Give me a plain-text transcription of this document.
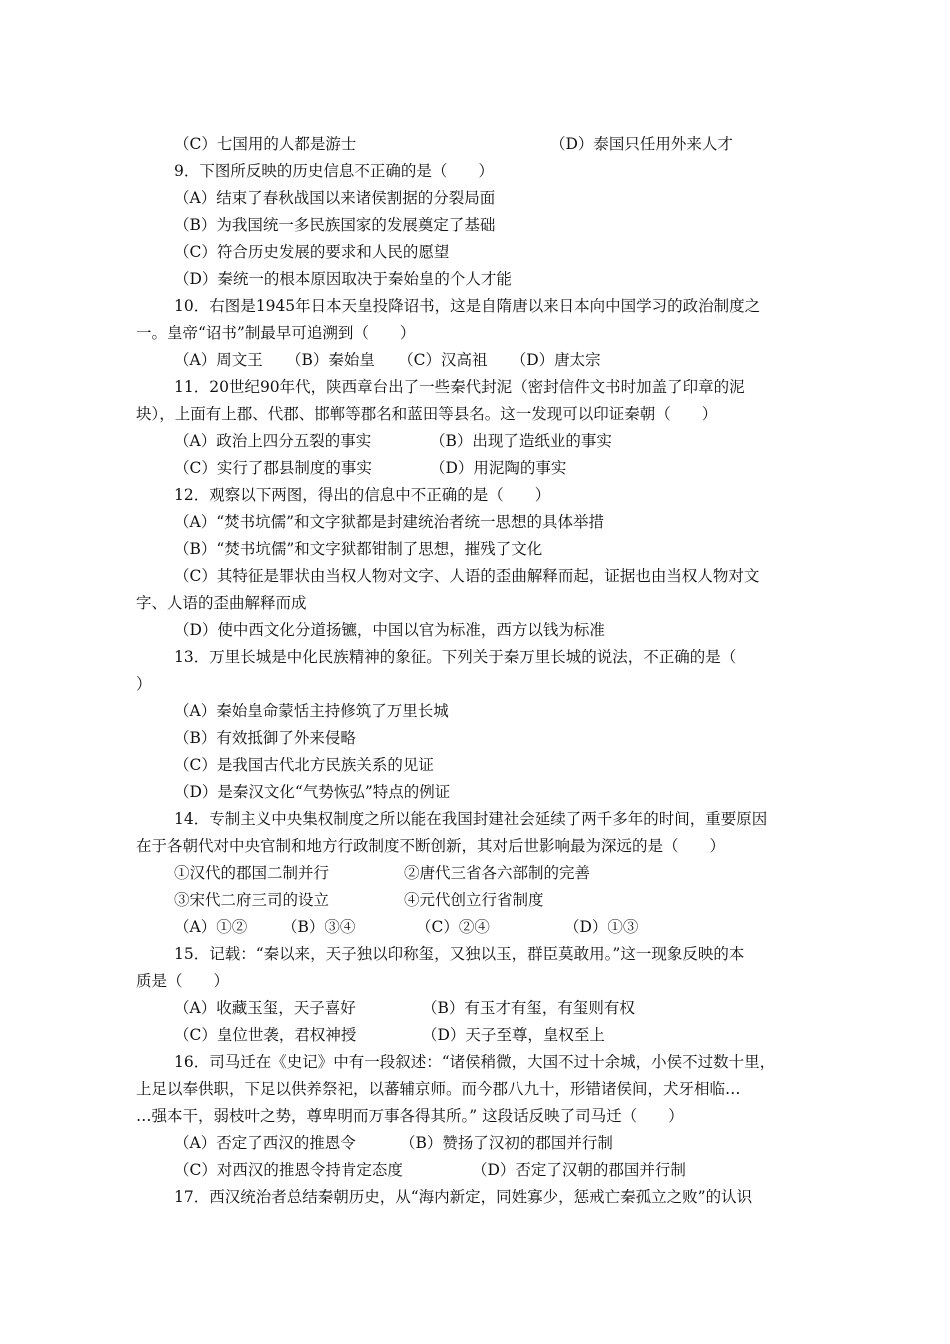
（C）七国用的人都是游士	（D）泰国只任用外来人才
9．下图所反映的历史信息不正确的是（　　）
（A）结束了春秋战国以来诸侯割据的分裂局面
（B）为我国统一多民族国家的发展奠定了基础
（C）符合历史发展的要求和人民的愿望
（D）秦统一的根本原因取决于秦始皇的个人才能
10．右图是1945年日本天皇投降诏书，这是自隋唐以来日本向中国学习的政治制度之
一。皇帝“诏书”制最早可追溯到（　　）
（A）周文王　　（B）秦始皇　　（C）汉高祖　　（D）唐太宗
11．20世纪90年代，陕西章台出了一些秦代封泥（密封信件文书时加盖了印章的泥
块），上面有上郡、代郡、邯郸等郡名和蓝田等县名。这一发现可以印证秦朝（　　）
（A）政治上四分五裂的事实	（B）出现了造纸业的事实
（C）实行了郡县制度的事实	（D）用泥陶的事实
12．观察以下两图，得出的信息中不正确的是（　　）
（A）“焚书坑儒”和文字狱都是封建统治者统一思想的具体举措
（B）“焚书坑儒”和文字狱都钳制了思想，摧残了文化
（C）其特征是罪状由当权人物对文字、人语的歪曲解释而起，证据也由当权人物对文
字、人语的歪曲解释而成
（D）使中西文化分道扬镳，中国以官为标准，西方以钱为标准
13．万里长城是中化民族精神的象征。下列关于秦万里长城的说法，不正确的是（
）
（A）秦始皇命蒙恬主持修筑了万里长城
（B）有效抵御了外来侵略
（C）是我国古代北方民族关系的见证
（D）是秦汉文化“气势恢弘”特点的例证
14．专制主义中央集权制度之所以能在我国封建社会延续了两千多年的时间，重要原因
在于各朝代对中央官制和地方行政制度不断创新，其对后世影响最为深远的是（　　）
①汉代的郡国二制并行	②唐代三省各六部制的完善
③宋代二府三司的设立	④元代创立行省制度
（A）①② （B）③④	（C）②④	（D）①③
15．记载：“秦以来，天子独以印称玺，又独以玉，群臣莫敢用。”这一现象反映的本
质是（　　）
（A）收藏玉玺，天子喜好	（B）有玉才有玺，有玺则有权
（C）皇位世袭，君权神授	（D）天子至尊，皇权至上
16．司马迁在《史记》中有一段叙述：“诸侯稍微，大国不过十余城，小侯不过数十里，
上足以奉供职，下足以供养祭祀，以蕃辅京师。而今郡八九十，形错诸侯间，犬牙相临…
…强本干，弱枝叶之势，尊卑明而万事各得其所。” 这段话反映了司马迁（　　）
（A）否定了西汉的推恩令	（B）赞扬了汉初的郡国并行制
（C）对西汉的推恩令持肯定态度	（D）否定了汉朝的郡国并行制
17．西汉统治者总结秦朝历史，从“海内新定，同姓寡少，惩戒亡秦孤立之败”的认识
